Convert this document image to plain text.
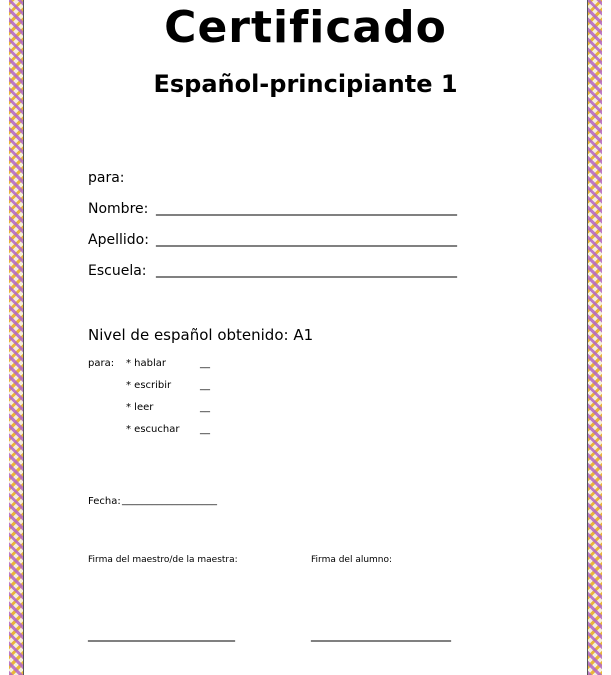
Certificado
Español-principiante 1
para:
Nombre: ___________________________________________
Apellido: ___________________________________________
Escuela: ___________________________________________
Nivel de español obtenido: A1
para: * hablar	__
* escribir	__
* leer	__
* escuchar __
Fecha: ___________________
Firma del maestro/de la maestra:	Firma del alumno:
_____________________	____________________
